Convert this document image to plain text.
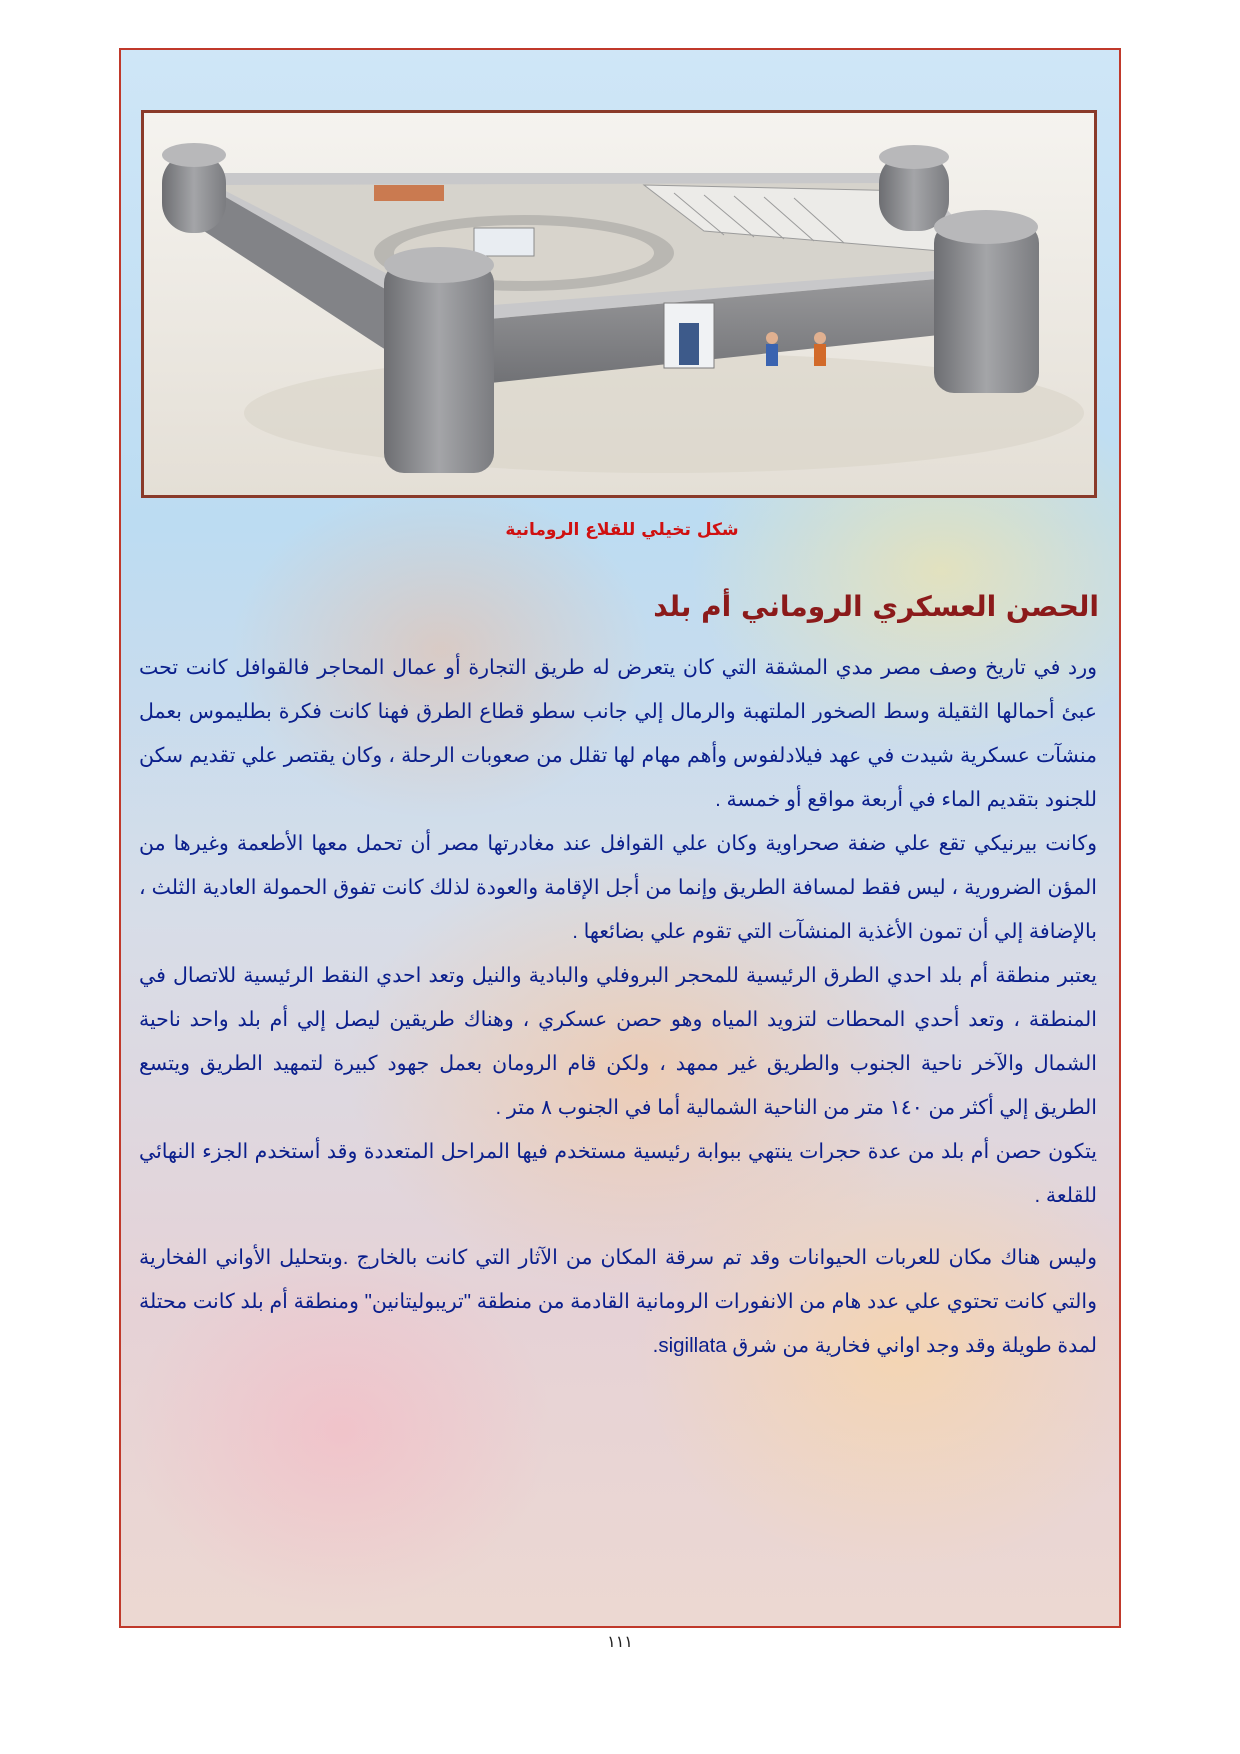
شكل تخيلي للقلاع الرومانية
الحصن العسكري الروماني أم بلد

ورد في تاريخ وصف مصر مدي المشقة التي كان يتعرض له طريق التجارة أو عمال المحاجر فالقوافل كانت تحت عبئ أحمالها الثقيلة وسط الصخور الملتهبة والرمال إلي جانب سطو قطاع الطرق فهنا كانت فكرة بطليموس بعمل منشآت عسكرية شيدت في عهد فيلادلفوس وأهم مهام لها تقلل من صعوبات الرحلة ، وكان يقتصر علي تقديم سكن للجنود بتقديم الماء في أربعة مواقع أو خمسة .

وكانت بيرنيكي تقع علي ضفة صحراوية وكان علي القوافل عند مغادرتها مصر أن تحمل معها الأطعمة وغيرها من المؤن الضرورية ، ليس فقط لمسافة الطريق وإنما من أجل الإقامة والعودة لذلك كانت تفوق الحمولة العادية الثلث ، بالإضافة إلي أن تمون الأغذية المنشآت التي تقوم علي بضائعها .

يعتبر منطقة أم بلد احدي الطرق الرئيسية للمحجر البروفلي والبادية والنيل وتعد احدي النقط الرئيسية للاتصال في المنطقة ، وتعد أحدي المحطات لتزويد المياه وهو حصن عسكري ، وهناك طريقين ليصل إلي أم بلد واحد ناحية الشمال والآخر ناحية الجنوب والطريق غير ممهد ، ولكن قام الرومان بعمل جهود كبيرة لتمهيد الطريق ويتسع الطريق إلي أكثر من ١٤٠ متر من الناحية الشمالية أما في الجنوب ٨ متر .

يتكون حصن أم بلد من عدة حجرات ينتهي ببوابة رئيسية مستخدم فيها المراحل المتعددة وقد أستخدم الجزء النهائي للقلعة .

وليس هناك مكان للعربات الحيوانات وقد تم سرقة المكان من الآثار التي كانت بالخارج .وبتحليل الأواني الفخارية والتي كانت تحتوي علي عدد هام من الانفورات الرومانية القادمة من منطقة "تريبوليتانين" ومنطقة أم بلد كانت محتلة لمدة طويلة وقد وجد اواني فخارية من شرق sigillata.

١١١
